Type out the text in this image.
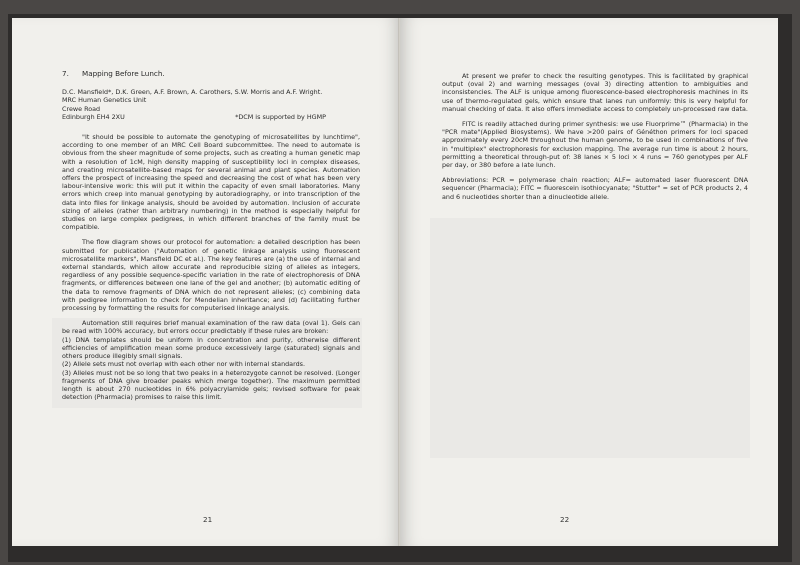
7. Mapping Before Lunch.

D.C. Mansfield*, D.K. Green, A.F. Brown, A. Carothers, S.W. Morris and A.F. Wright.

MRC Human Genetics Unit

Crewe Road

Edinburgh EH4 2XU	*DCM is supported by HGMP

"It should be possible to automate the genotyping of microsatellites by lunchtime", according to one member of an MRC Cell Board subcommittee. The need to automate is obvious from the sheer magnitude of some projects, such as creating a human genetic map with a resolution of 1cM, high density mapping of susceptibility loci in complex diseases, and creating microsatellite-based maps for several animal and plant species. Automation offers the prospect of increasing the speed and decreasing the cost of what has been very labour-intensive work: this will put it within the capacity of even small laboratories. Many errors which creep into manual genotyping by autoradiography, or into transcription of the data into files for linkage analysis, should be avoided by automation. Inclusion of accurate sizing of alleles (rather than arbitrary numbering) in the method is especially helpful for studies on large complex pedigrees, in which different branches of the family must be compatible.

The flow diagram shows our protocol for automation: a detailed description has been submitted for publication ("Automation of genetic linkage analysis using fluorescent microsatellite markers", Mansfield DC et al.). The key features are (a) the use of internal and external standards, which allow accurate and reproducible sizing of alleles as integers, regardless of any possible sequence-specific variation in the rate of electrophoresis of DNA fragments, or differences between one lane of the gel and another; (b) automatic editing of the data to remove fragments of DNA which do not represent alleles; (c) combining data with pedigree information to check for Mendelian inheritance; and (d) facilitating further processing by formatting the results for computerised linkage analysis.

Automation still requires brief manual examination of the raw data (oval 1). Gels can be read with 100% accuracy, but errors occur predictably if these rules are broken:

(1) DNA templates should be uniform in concentration and purity, otherwise different efficiencies of amplification mean some produce excessively large (saturated) signals and others produce illegibly small signals.

(2) Allele sets must not overlap with each other nor with internal standards.

(3) Alleles must not be so long that two peaks in a heterozygote cannot be resolved. (Longer fragments of DNA give broader peaks which merge together). The maximum permitted length is about 270 nucleotides in 6% polyacrylamide gels; revised software for peak detection (Pharmacia) promises to raise this limit.

21

At present we prefer to check the resulting genotypes. This is facilitated by graphical output (oval 2) and warning messages (oval 3) directing attention to ambiguities and inconsistencies. The ALF is unique among fluorescence-based electrophoresis machines in its use of thermo-regulated gels, which ensure that lanes run uniformly: this is very helpful for manual checking of data. It also offers immediate access to completely un-processed raw data.

FITC is readily attached during primer synthesis: we use Fluorprime™ (Pharmacia) in the "PCR mate"(Applied Biosystems). We have >200 pairs of Généthon primers for loci spaced approximately every 20cM throughout the human genome, to be used in combinations of five in "multiplex" electrophoresis for exclusion mapping. The average run time is about 2 hours, permitting a theoretical through-put of: 38 lanes × 5 loci × 4 runs = 760 genotypes per ALF per day, or 380 before a late lunch.

Abbreviations: PCR = polymerase chain reaction; ALF= automated laser fluorescent DNA sequencer (Pharmacia); FITC = fluorescein isothiocyanate; "Stutter" = set of PCR products 2, 4 and 6 nucleotides shorter than a dinucleotide allele.

22
